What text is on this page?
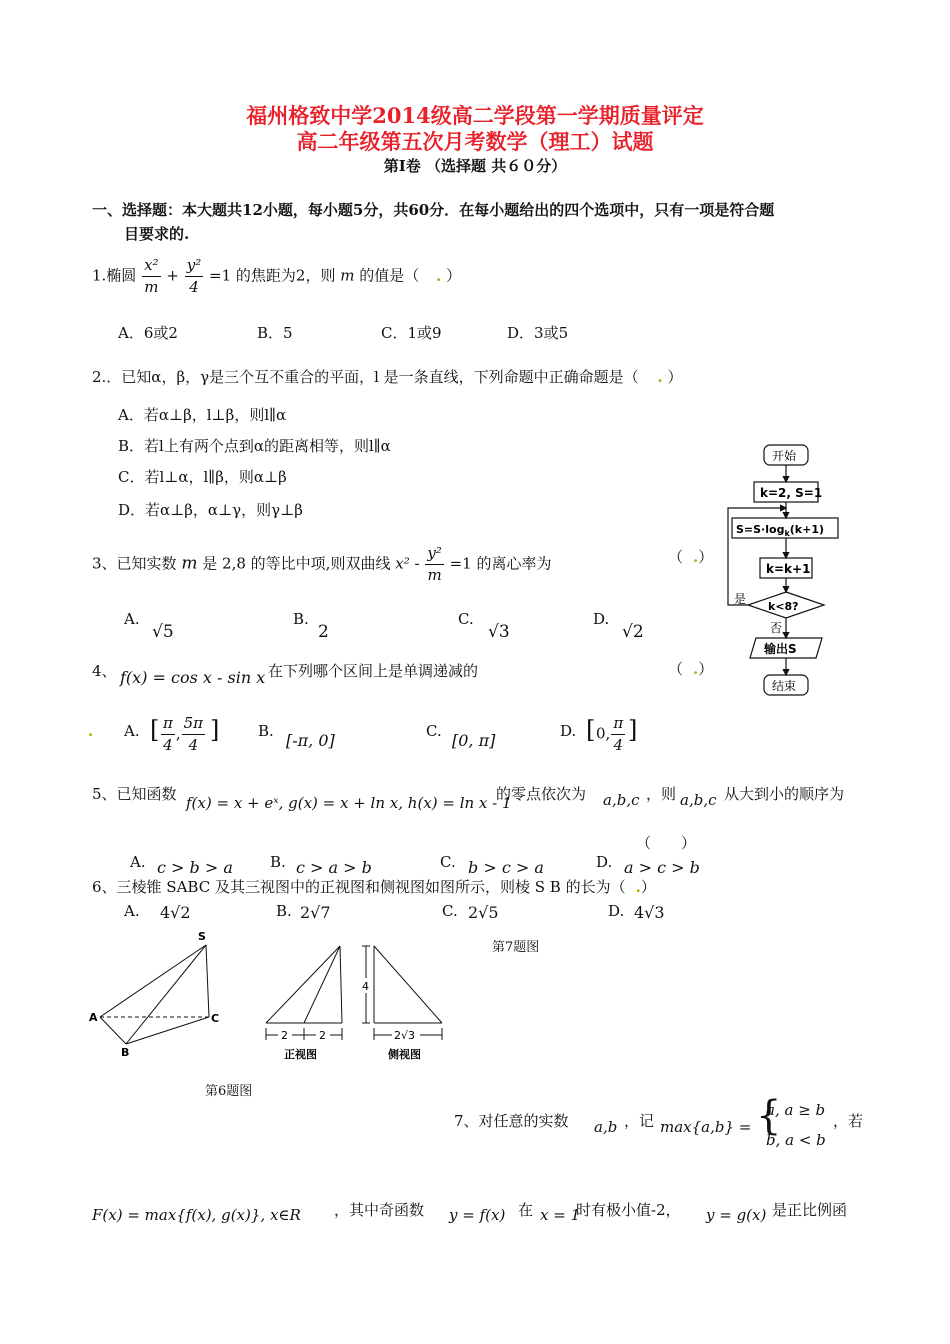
福州格致中学2014级高二学段第一学期质量评定
高二年级第五次月考数学（理工）试题
第Ⅰ卷 （选择题 共６０分）
一、选择题：本大题共12小题，每小题5分，共60分．在每小题给出的四个选项中，只有一项是符合题
目要求的.
1.椭圆 $\frac{\text{x²}}{m} + \frac{\text{y²}}{4} =1$ 的焦距为2，则 m 的值是（ . ）
A．6或2	B．5	C．1或9	D．3或5
2.．已知α，β，γ是三个互不重合的平面，l 是一条直线，下列命题中正确命题是（ . ）
A．若α⊥β，l⊥β，则l∥α
B．若l上有两个点到α的距离相等，则l∥α
C．若l⊥α，l∥β，则α⊥β
D．若α⊥β，α⊥γ，则γ⊥β
3、已知实数 m 是 2,8 的等比中项,则双曲线 $x^2 - \frac{\text{y²}}{m} =1$ 的离心率为	（ .）
A.
√5
B.
2
C.
√3
D.
√2
4、 f(x) = cos x - sin x 在下列哪个区间上是单调递减的	（ .）
. A. [ $\frac{\pi}{4}$ , $\frac{5\pi}{4}$ ]	B. [-π, 0]	C. [0, π]	D. [ 0, $\frac{\pi}{4}$ ]
5、已知函数 f(x) = x + eˣ, g(x) = x + ln x, h(x) = ln x - 1
的零点依次为 a,b,c ，则 a,b,c 从大到小的顺序为
（　　）
A. c > b > a B. c > a > b	C. b > c > a	D. a > c > b
6、三棱锥 SABC 及其三视图中的正视图和侧视图如图所示，则棱 S B 的长为（ .）
A. 4√2	B. 2√7	C. 2√5	D. 4√3
第7题图
S
A
B
C
第6题图
2	2
正视图
4
2√3
侧视图
开始
k=2, S=1
$S=S\cdot\log_k(k+1)$
k=k+1
k<8?
是
否
输出S
结束
7、对任意的实数 a,b ，记 max{a,b} = {
a, a ≥ b
b, a < b
，若
F(x) = max{f(x), g(x)}, x∈R ，其中奇函数 y = f(x) 在 x = 1
时有极小值-2， y = g(x) 是正比例函
